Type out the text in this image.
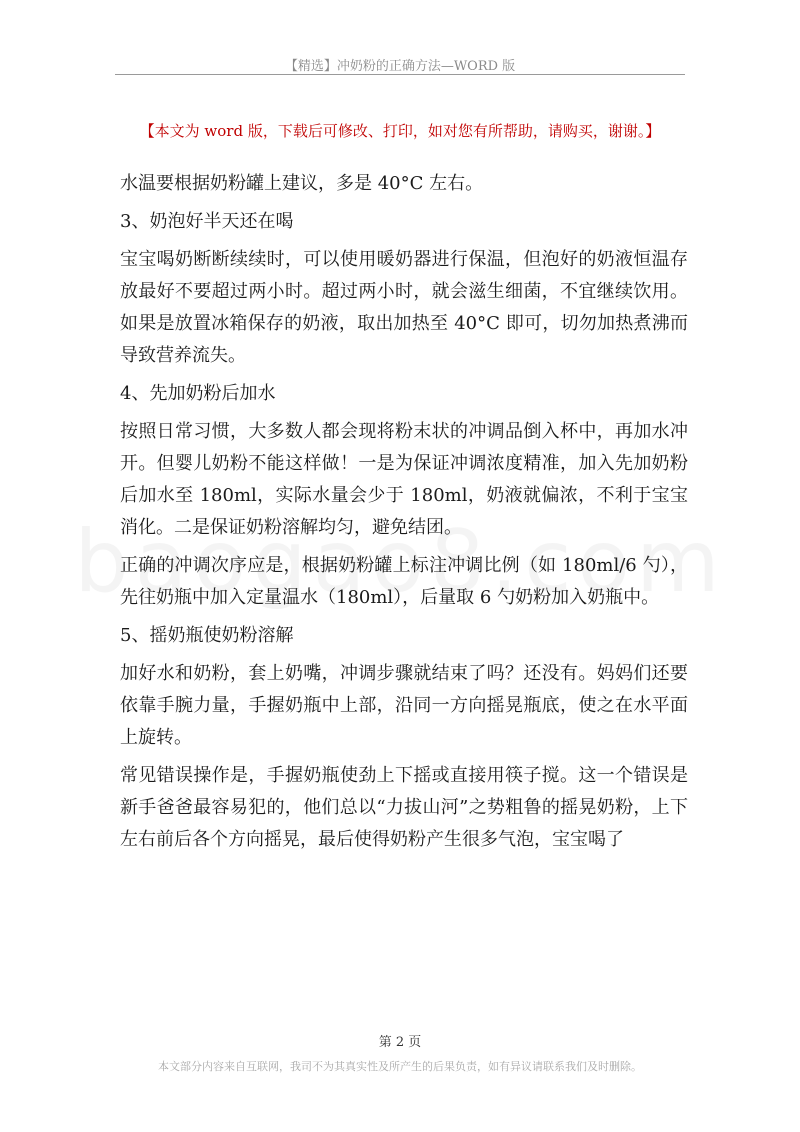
【精选】冲奶粉的正确方法—WORD 版
【本文为 word 版，下载后可修改、打印，如对您有所帮助，请购买，谢谢。】

水温要根据奶粉罐上建议，多是 40°C 左右。

3、奶泡好半天还在喝

宝宝喝奶断断续续时，可以使用暖奶器进行保温，但泡好的奶液恒温存放最好不要超过两小时。超过两小时，就会滋生细菌，不宜继续饮用。如果是放置冰箱保存的奶液，取出加热至 40°C 即可，切勿加热煮沸而导致营养流失。

4、先加奶粉后加水

按照日常习惯，大多数人都会现将粉末状的冲调品倒入杯中，再加水冲开。但婴儿奶粉不能这样做！一是为保证冲调浓度精准，加入先加奶粉后加水至 180ml，实际水量会少于 180ml，奶液就偏浓，不利于宝宝消化。二是保证奶粉溶解均匀，避免结团。

正确的冲调次序应是，根据奶粉罐上标注冲调比例（如 180ml/6 勺），先往奶瓶中加入定量温水（180ml），后量取 6 勺奶粉加入奶瓶中。

5、摇奶瓶使奶粉溶解

加好水和奶粉，套上奶嘴，冲调步骤就结束了吗？还没有。妈妈们还要依靠手腕力量，手握奶瓶中上部，沿同一方向摇晃瓶底，使之在水平面上旋转。

常见错误操作是，手握奶瓶使劲上下摇或直接用筷子搅。这一个错误是新手爸爸最容易犯的，他们总以“力拔山河”之势粗鲁的摇晃奶粉，上下左右前后各个方向摇晃，最后使得奶粉产生很多气泡，宝宝喝了

第 2 页
本文部分内容来自互联网，我司不为其真实性及所产生的后果负责，如有异议请联系我们及时删除。
